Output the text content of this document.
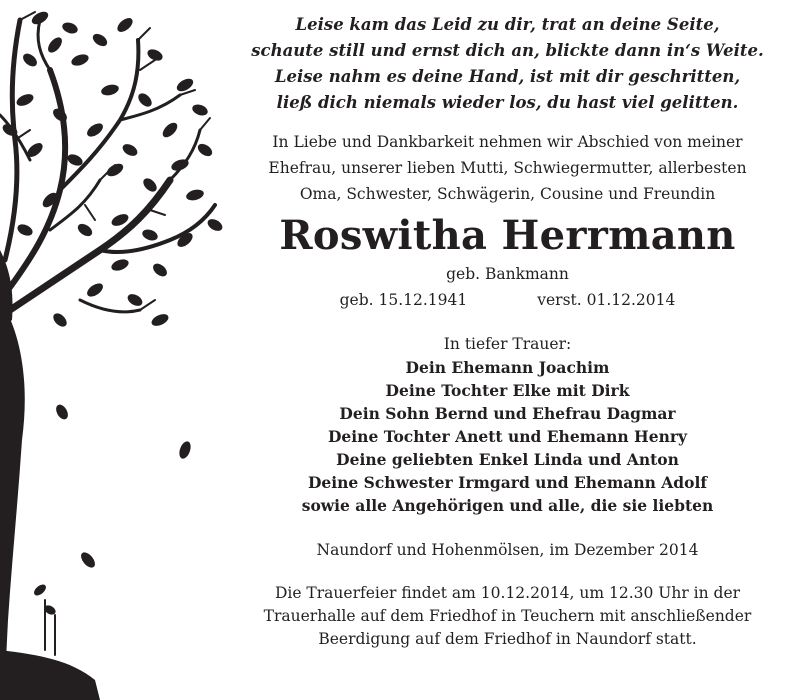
Leise kam das Leid zu dir, trat an deine Seite,
schaute still und ernst dich an, blickte dann in‘s Weite.
Leise nahm es deine Hand, ist mit dir geschritten,
ließ dich niemals wieder los, du hast viel gelitten.
In Liebe und Dankbarkeit nehmen wir Abschied von meiner
Ehefrau, unserer lieben Mutti, Schwiegermutter, allerbesten
Oma, Schwester, Schwägerin, Cousine und Freundin
Roswitha Herrmann
geb. Bankmann
geb. 15.12.1941	verst. 01.12.2014
In tiefer Trauer:
Dein Ehemann Joachim
Deine Tochter Elke mit Dirk
Dein Sohn Bernd und Ehefrau Dagmar
Deine Tochter Anett und Ehemann Henry
Deine geliebten Enkel Linda und Anton
Deine Schwester Irmgard und Ehemann Adolf
sowie alle Angehörigen und alle, die sie liebten
Naundorf und Hohenmölsen, im Dezember 2014
Die Trauerfeier findet am 10.12.2014, um 12.30 Uhr in der
Trauerhalle auf dem Friedhof in Teuchern mit anschließender
Beerdigung auf dem Friedhof in Naundorf statt.
